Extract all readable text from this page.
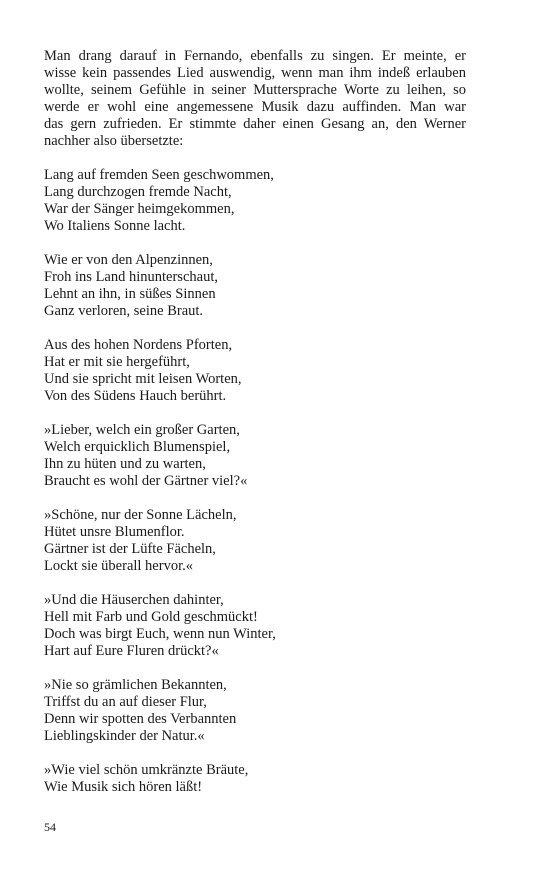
Man drang darauf in Fernando, ebenfalls zu singen. Er meinte, er
wisse kein passendes Lied auswendig, wenn man ihm indeß erlauben
wollte, seinem Gefühle in seiner Muttersprache Worte zu leihen, so
werde er wohl eine angemessene Musik dazu auffinden. Man war
das gern zufrieden. Er stimmte daher einen Gesang an, den Werner
nachher also übersetzte:
Lang auf fremden Seen geschwommen,
Lang durchzogen fremde Nacht,
War der Sänger heimgekommen,
Wo Italiens Sonne lacht.
Wie er von den Alpenzinnen,
Froh ins Land hinunterschaut,
Lehnt an ihn, in süßes Sinnen
Ganz verloren, seine Braut.
Aus des hohen Nordens Pforten,
Hat er mit sie hergeführt,
Und sie spricht mit leisen Worten,
Von des Südens Hauch berührt.
»Lieber, welch ein großer Garten,
Welch erquicklich Blumenspiel,
Ihn zu hüten und zu warten,
Braucht es wohl der Gärtner viel?«
»Schöne, nur der Sonne Lächeln,
Hütet unsre Blumenflor.
Gärtner ist der Lüfte Fächeln,
Lockt sie überall hervor.«
»Und die Häuserchen dahinter,
Hell mit Farb und Gold geschmückt!
Doch was birgt Euch, wenn nun Winter,
Hart auf Eure Fluren drückt?«
»Nie so grämlichen Bekannten,
Triffst du an auf dieser Flur,
Denn wir spotten des Verbannten
Lieblingskinder der Natur.«
»Wie viel schön umkränzte Bräute,
Wie Musik sich hören läßt!
54
